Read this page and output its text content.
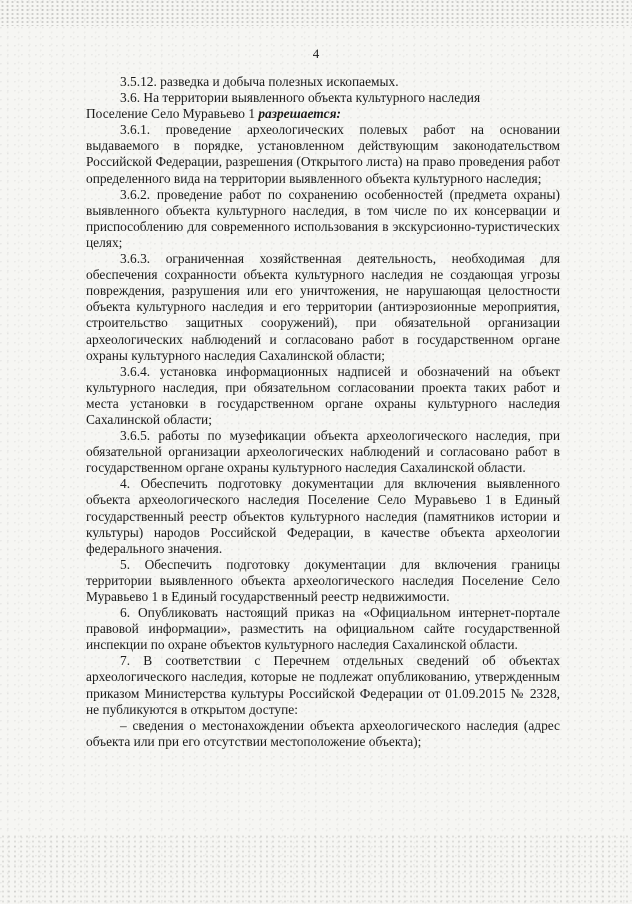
4

3.5.12. разведка и добыча полезных ископаемых.

3.6. На территории выявленного объекта культурного наследия

Поселение Село Муравьево 1 разрешается:

3.6.1. проведение археологических полевых работ на основании выдаваемого в порядке, установленном действующим законодательством Российской Федерации, разрешения (Открытого листа) на право проведения работ определенного вида на территории выявленного объекта культурного наследия;

3.6.2. проведение работ по сохранению особенностей (предмета охраны) выявленного объекта культурного наследия, в том числе по их консервации и приспособлению для современного использования в экскурсионно-туристических целях;

3.6.3. ограниченная хозяйственная деятельность, необходимая для обеспечения сохранности объекта культурного наследия не создающая угрозы повреждения, разрушения или его уничтожения, не нарушающая целостности объекта культурного наследия и его территории (антиэрозионные мероприятия, строительство защитных сооружений), при обязательной организации археологических наблюдений и согласовано работ в государственном органе охраны культурного наследия Сахалинской области;

3.6.4. установка информационных надписей и обозначений на объект культурного наследия, при обязательном согласовании проекта таких работ и места установки в государственном органе охраны культурного наследия Сахалинской области;

3.6.5. работы по музефикации объекта археологического наследия, при обязательной организации археологических наблюдений и согласовано работ в государственном органе охраны культурного наследия Сахалинской области.

4. Обеспечить подготовку документации для включения выявленного объекта археологического наследия Поселение Село Муравьево 1 в Единый государственный реестр объектов культурного наследия (памятников истории и культуры) народов Российской Федерации, в качестве объекта археологии федерального значения.

5. Обеспечить подготовку документации для включения границы территории выявленного объекта археологического наследия Поселение Село Муравьево 1 в Единый государственный реестр недвижимости.

6. Опубликовать настоящий приказ на «Официальном интернет-портале правовой информации», разместить на официальном сайте государственной инспекции по охране объектов культурного наследия Сахалинской области.

7. В соответствии с Перечнем отдельных сведений об объектах археологического наследия, которые не подлежат опубликованию, утвержденным приказом Министерства культуры Российской Федерации от 01.09.2015 № 2328, не публикуются в открытом доступе:

– сведения о местонахождении объекта археологического наследия (адрес объекта или при его отсутствии местоположение объекта);
